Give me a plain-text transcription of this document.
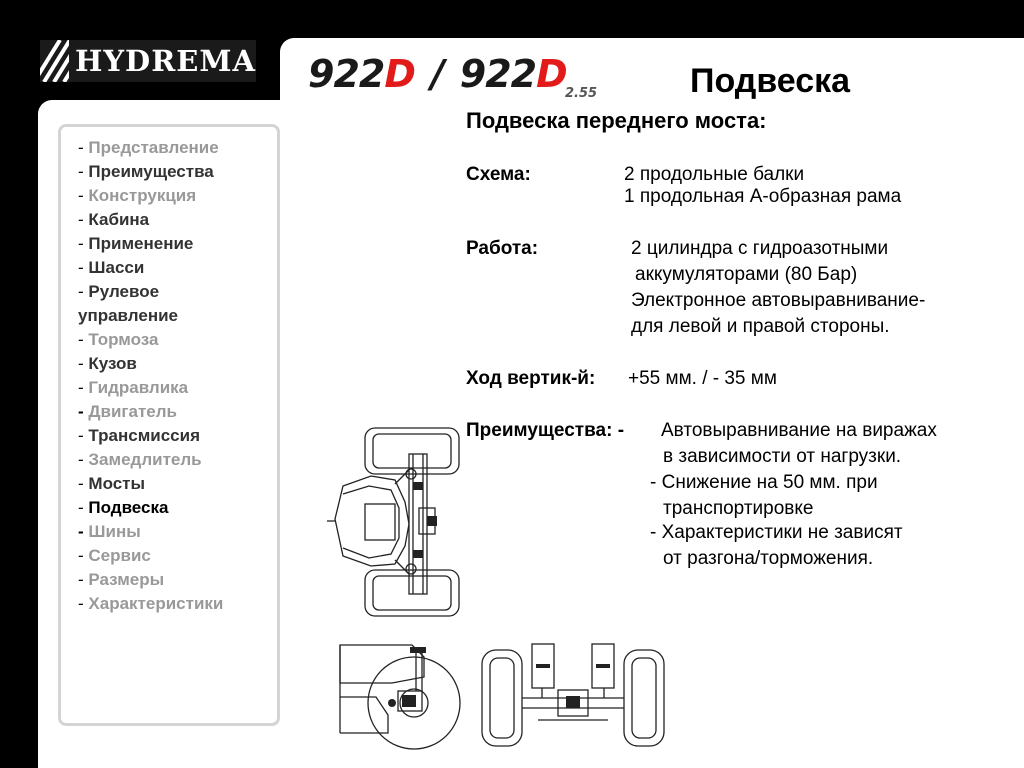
HYDREMA 922D / 922D
2.55	Подвеска
Подвеска переднего моста:
- Представление
- Преимущества
- Конструкция
- Кабина
- Применение
- Шасси
- Рулевое
управление
- Тормоза
- Кузов
- Гидравлика
- Двигатель
- Трансмиссия
- Замедлитель
- Мосты
- Подвеска
- Шины
- Сервис
- Размеры
- Характеристики
Схема:	2 продольные балки
1 продольная А-образная рама
Работа:	2 цилиндра с гидроазотными
аккумуляторами (80 Бар)
Электронное автовыравнивание-
для левой и правой стороны.
Ход вертик-й: +55 мм. / - 35 мм
Преимущества: - Автовыравнивание на виражах
в зависимости от нагрузки.
- Снижение на 50 мм. при
транспортировке
- Характеристики не зависят
от разгона/торможения.
